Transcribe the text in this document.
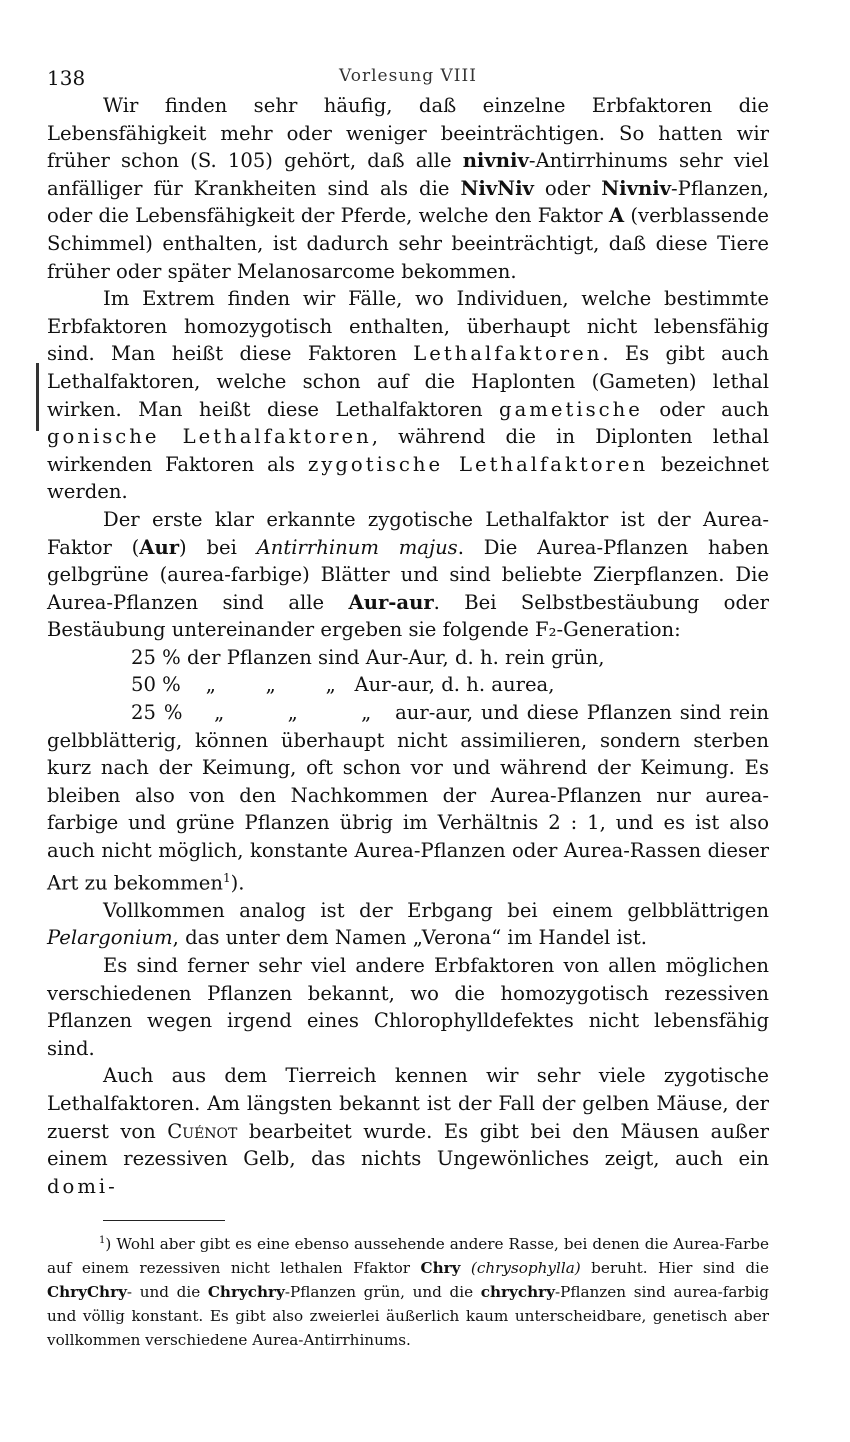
138	Vorlesung VIII

Wir finden sehr häufig, daß einzelne Erbfaktoren die Lebensfähigkeit mehr oder weniger beeinträchtigen. So hatten wir früher schon (S. 105) gehört, daß alle nivniv-Antirrhinums sehr viel anfälliger für Krankheiten sind als die NivNiv oder Nivniv-Pflanzen, oder die Lebensfähigkeit der Pferde, welche den Faktor A (verblassende Schimmel) enthalten, ist dadurch sehr beeinträchtigt, daß diese Tiere früher oder später Melanosarcome bekommen.

Im Extrem finden wir Fälle, wo Individuen, welche bestimmte Erbfaktoren homozygotisch enthalten, überhaupt nicht lebensfähig sind. Man heißt diese Faktoren Lethalfaktoren. Es gibt auch Lethalfaktoren, welche schon auf die Haplonten (Gameten) lethal wirken. Man heißt diese Lethalfaktoren gametische oder auch gonische Lethalfaktoren, während die in Diplonten lethal wirkenden Faktoren als zygotische Lethalfaktoren bezeichnet werden.

Der erste klar erkannte zygotische Lethalfaktor ist der Aurea-Faktor (Aur) bei Antirrhinum majus. Die Aurea-Pflanzen haben gelbgrüne (aurea-farbige) Blätter und sind beliebte Zierpflanzen. Die Aurea-Pflanzen sind alle Aur-aur. Bei Selbstbestäubung oder Bestäubung untereinander ergeben sie folgende F₂-Generation:
25 % der Pflanzen sind Aur-Aur, d. h. rein grün,
50 %    „        „        „   Aur-aur, d. h. aurea,
25 %    „        „        „   aur-aur, und diese Pflanzen sind rein gelbblätterig, können überhaupt nicht assimilieren, sondern sterben kurz nach der Keimung, oft schon vor und während der Keimung. Es bleiben also von den Nachkommen der Aurea-Pflanzen nur aurea-farbige und grüne Pflanzen übrig im Verhältnis 2 : 1, und es ist also auch nicht möglich, konstante Aurea-Pflanzen oder Aurea-Rassen dieser Art zu bekommen$^1$).

Vollkommen analog ist der Erbgang bei einem gelbblättrigen Pelargonium, das unter dem Namen „Verona“ im Handel ist.

Es sind ferner sehr viel andere Erbfaktoren von allen möglichen verschiedenen Pflanzen bekannt, wo die homozygotisch rezessiven Pflanzen wegen irgend eines Chlorophylldefektes nicht lebensfähig sind.

Auch aus dem Tierreich kennen wir sehr viele zygotische Lethalfaktoren. Am längsten bekannt ist der Fall der gelben Mäuse, der zuerst von Cuénot bearbeitet wurde. Es gibt bei den Mäusen außer einem rezessiven Gelb, das nichts Ungewönliches zeigt, auch ein domi-

$^1$) Wohl aber gibt es eine ebenso aussehende andere Rasse, bei denen die Aurea-Farbe auf einem rezessiven nicht lethalen Ffaktor Chry (chrysophylla) beruht. Hier sind die ChryChry- und die Chrychry-Pflanzen grün, und die chrychry-Pflanzen sind aurea-farbig und völlig konstant. Es gibt also zweierlei äußerlich kaum unterscheidbare, genetisch aber vollkommen verschiedene Aurea-Antirrhinums.
